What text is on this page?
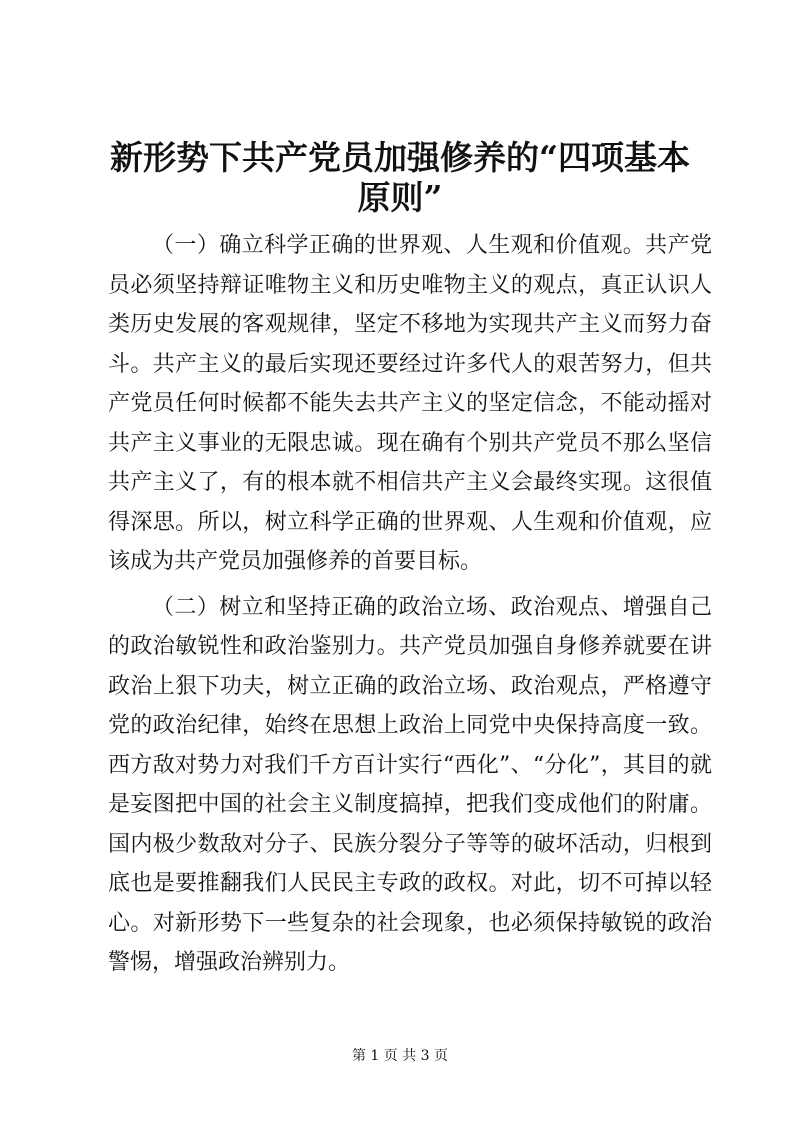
新形势下共产党员加强修养的“四项基本原则”

（一）确立科学正确的世界观、人生观和价值观。共产党员必须坚持辩证唯物主义和历史唯物主义的观点，真正认识人类历史发展的客观规律，坚定不移地为实现共产主义而努力奋斗。共产主义的最后实现还要经过许多代人的艰苦努力，但共产党员任何时候都不能失去共产主义的坚定信念，不能动摇对共产主义事业的无限忠诚。现在确有个别共产党员不那么坚信共产主义了，有的根本就不相信共产主义会最终实现。这很值得深思。所以，树立科学正确的世界观、人生观和价值观，应该成为共产党员加强修养的首要目标。

（二）树立和坚持正确的政治立场、政治观点、增强自己的政治敏锐性和政治鉴别力。共产党员加强自身修养就要在讲政治上狠下功夫，树立正确的政治立场、政治观点，严格遵守党的政治纪律，始终在思想上政治上同党中央保持高度一致。西方敌对势力对我们千方百计实行“西化”、“分化”，其目的就是妄图把中国的社会主义制度搞掉，把我们变成他们的附庸。国内极少数敌对分子、民族分裂分子等等的破坏活动，归根到底也是要推翻我们人民民主专政的政权。对此，切不可掉以轻心。对新形势下一些复杂的社会现象，也必须保持敏锐的政治警惕，增强政治辨别力。

第 1 页 共 3 页
